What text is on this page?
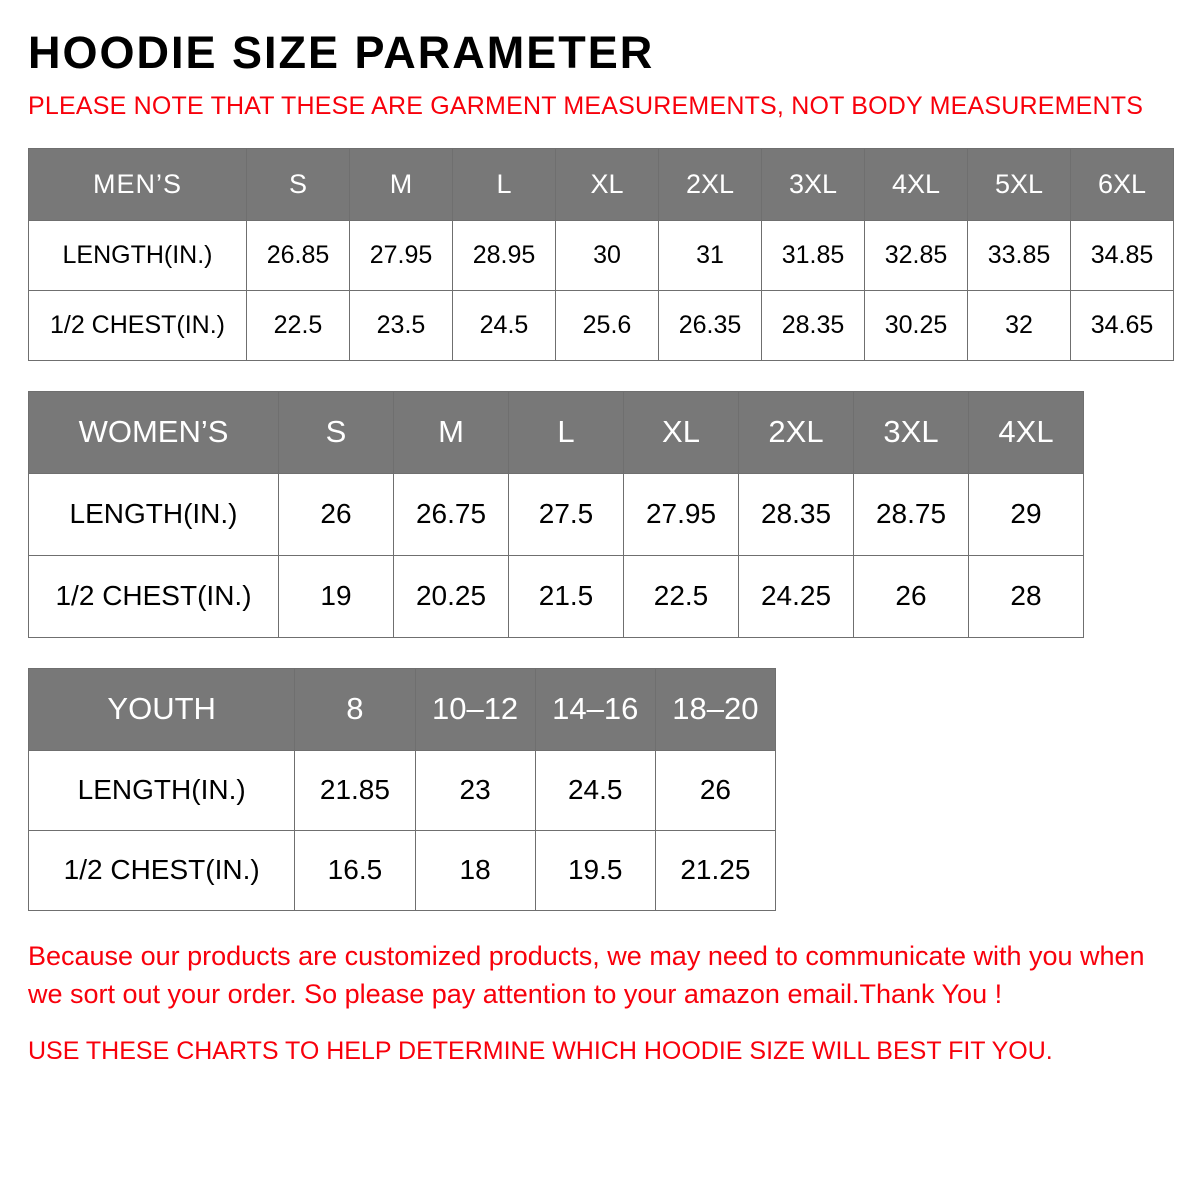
HOODIE SIZE PARAMETER

PLEASE NOTE THAT THESE ARE GARMENT MEASUREMENTS, NOT BODY MEASUREMENTS

MEN’S	S	M	L	XL	2XL	3XL	4XL	5XL	6XL
LENGTH(IN.)	26.85	27.95	28.95	30	31	31.85	32.85	33.85	34.85
1/2 CHEST(IN.)	22.5	23.5	24.5	25.6	26.35	28.35	30.25	32	34.65
WOMEN’S	S	M	L	XL	2XL	3XL	4XL
LENGTH(IN.)	26	26.75	27.5	27.95	28.35	28.75	29
1/2 CHEST(IN.)	19	20.25	21.5	22.5	24.25	26	28
YOUTH	8	10–12	14–16	18–20
LENGTH(IN.)	21.85	23	24.5	26
1/2 CHEST(IN.)	16.5	18	19.5	21.25

Because our products are customized products, we may need to communicate with you when we sort out your order. So please pay attention to your amazon email.Thank You !

USE THESE CHARTS TO HELP DETERMINE WHICH HOODIE SIZE WILL BEST FIT YOU.
